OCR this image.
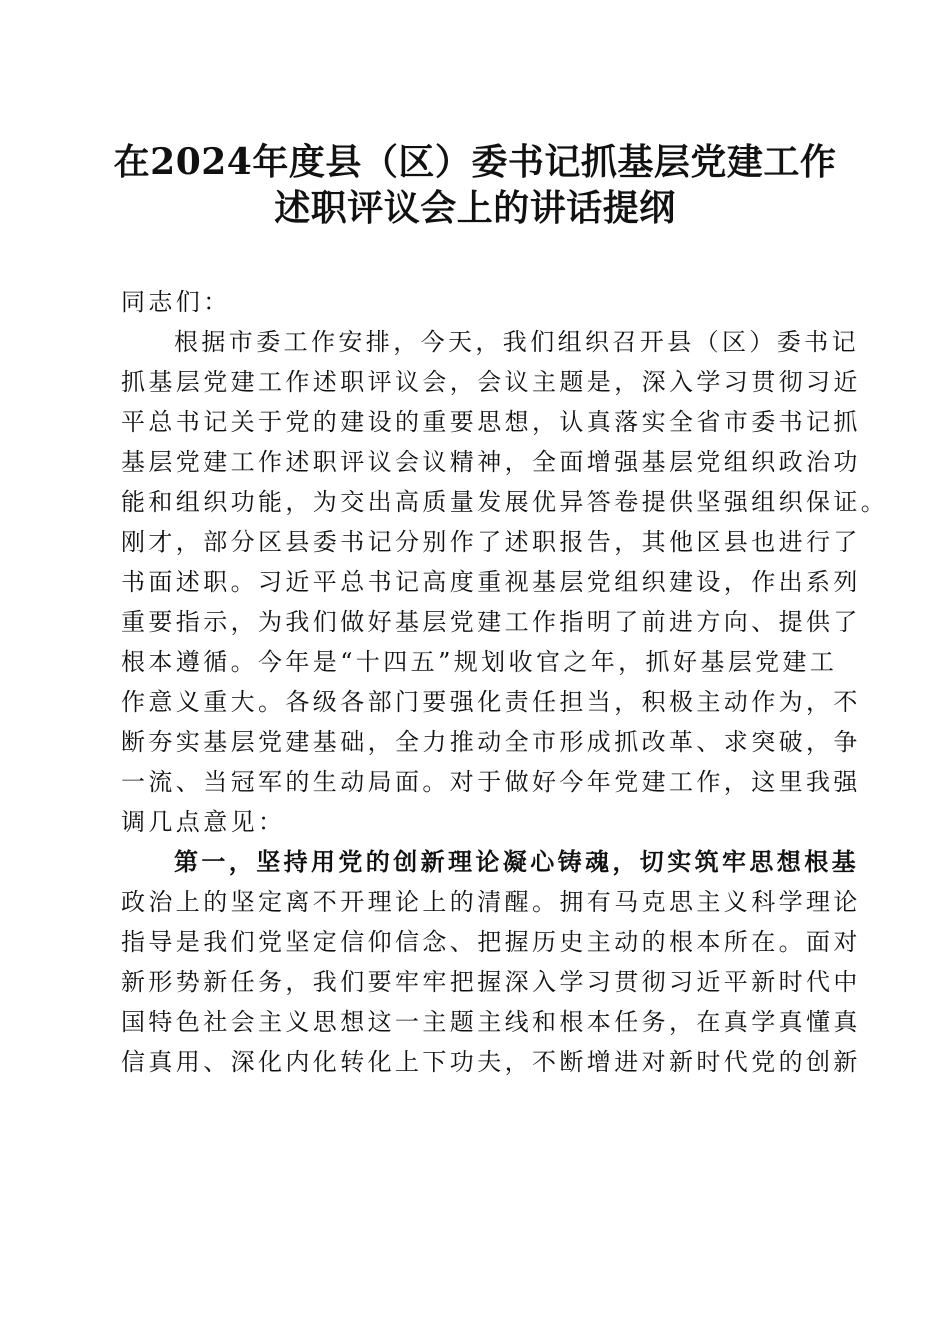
在2024年度县（区）委书记抓基层党建工作
述职评议会上的讲话提纲
同志们：
根据市委工作安排，今天，我们组织召开县（区）委书记
抓基层党建工作述职评议会，会议主题是，深入学习贯彻习近
平总书记关于党的建设的重要思想，认真落实全省市委书记抓
基层党建工作述职评议会议精神，全面增强基层党组织政治功
能和组织功能，为交出高质量发展优异答卷提供坚强组织保证。
刚才，部分区县委书记分别作了述职报告，其他区县也进行了
书面述职。习近平总书记高度重视基层党组织建设，作出系列
重要指示，为我们做好基层党建工作指明了前进方向、提供了
根本遵循。今年是“十四五”规划收官之年，抓好基层党建工
作意义重大。各级各部门要强化责任担当，积极主动作为，不
断夯实基层党建基础，全力推动全市形成抓改革、求突破，争
一流、当冠军的生动局面。对于做好今年党建工作，这里我强
调几点意见：
第一，坚持用党的创新理论凝心铸魂，切实筑牢思想根基
政治上的坚定离不开理论上的清醒。拥有马克思主义科学理论
指导是我们党坚定信仰信念、把握历史主动的根本所在。面对
新形势新任务，我们要牢牢把握深入学习贯彻习近平新时代中
国特色社会主义思想这一主题主线和根本任务，在真学真懂真
信真用、深化内化转化上下功夫，不断增进对新时代党的创新
